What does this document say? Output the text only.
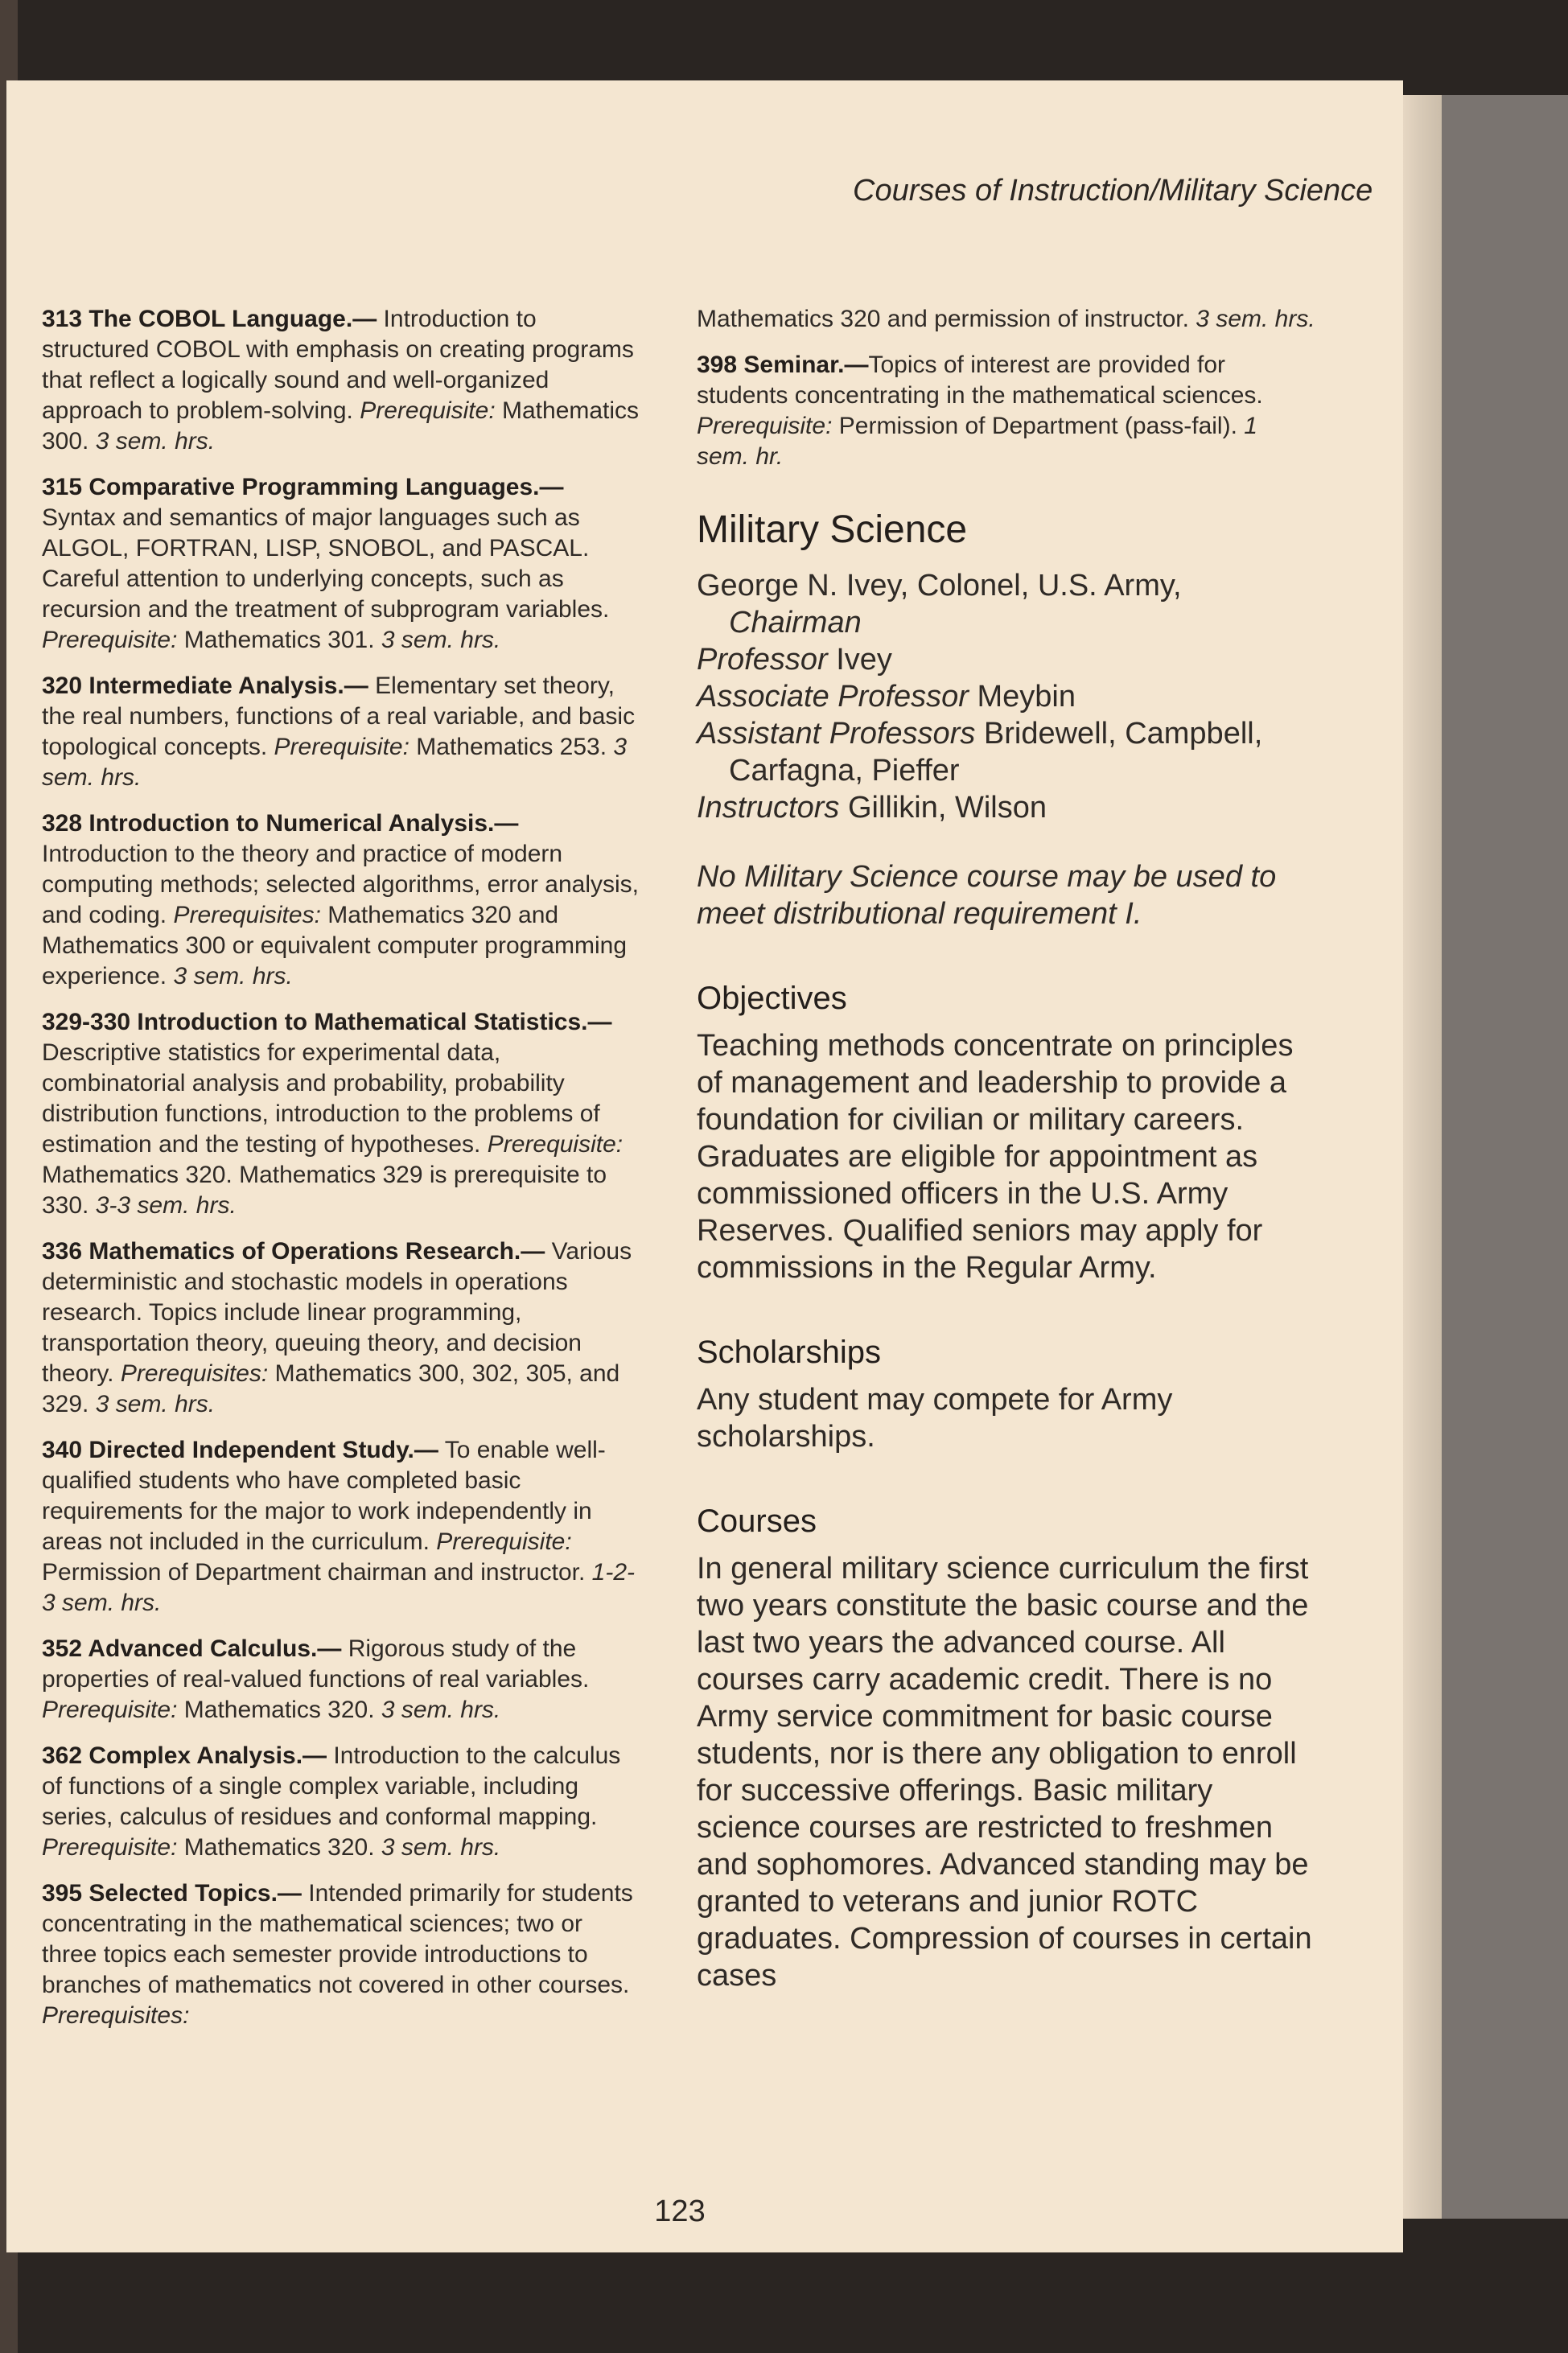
Courses of Instruction/Military Science

313 The COBOL Language.— Introduction to structured COBOL with emphasis on creating programs that reflect a logically sound and well-organized approach to problem-solving. Prerequisite: Mathematics 300. 3 sem. hrs.

315 Comparative Programming Languages.— Syntax and semantics of major languages such as ALGOL, FORTRAN, LISP, SNOBOL, and PASCAL. Careful attention to underlying concepts, such as recursion and the treatment of subprogram variables. Prerequisite: Mathematics 301. 3 sem. hrs.

320 Intermediate Analysis.— Elementary set theory, the real numbers, functions of a real variable, and basic topological concepts. Prerequisite: Mathematics 253. 3 sem. hrs.

328 Introduction to Numerical Analysis.— Introduction to the theory and practice of modern computing methods; selected algorithms, error analysis, and coding. Prerequisites: Mathematics 320 and Mathematics 300 or equivalent computer programming experience. 3 sem. hrs.

329-330 Introduction to Mathematical Statistics.— Descriptive statistics for experimental data, combinatorial analysis and probability, probability distribution functions, introduction to the problems of estimation and the testing of hypotheses. Prerequisite: Mathematics 320. Mathematics 329 is prerequisite to 330. 3-3 sem. hrs.

336 Mathematics of Operations Research.— Various deterministic and stochastic models in operations research. Topics include linear programming, transportation theory, queuing theory, and decision theory. Prerequisites: Mathematics 300, 302, 305, and 329. 3 sem. hrs.

340 Directed Independent Study.— To enable well-qualified students who have completed basic requirements for the major to work independently in areas not included in the curriculum. Prerequisite: Permission of Department chairman and instructor. 1-2-3 sem. hrs.

352 Advanced Calculus.— Rigorous study of the properties of real-valued functions of real variables. Prerequisite: Mathematics 320. 3 sem. hrs.

362 Complex Analysis.— Introduction to the calculus of functions of a single complex variable, including series, calculus of residues and conformal mapping. Prerequisite: Mathematics 320. 3 sem. hrs.

395 Selected Topics.— Intended primarily for students concentrating in the mathematical sciences; two or three topics each semester provide introductions to branches of mathematics not covered in other courses. Prerequisites:

Mathematics 320 and permission of instructor. 3 sem. hrs.

398 Seminar.—Topics of interest are provided for students concentrating in the mathematical sciences. Prerequisite: Permission of Department (pass-fail). 1 sem. hr.

Military Science
George N. Ivey, Colonel, U.S. Army,
Chairman
Professor Ivey
Associate Professor Meybin
Assistant Professors Bridewell, Campbell,
Carfagna, Pieffer
Instructors Gillikin, Wilson

No Military Science course may be used to meet distributional requirement I.

Objectives

Teaching methods concentrate on principles of management and leadership to provide a foundation for civilian or military careers. Graduates are eligible for appointment as commissioned officers in the U.S. Army Reserves. Qualified seniors may apply for commissions in the Regular Army.

Scholarships

Any student may compete for Army scholarships.

Courses

In general military science curriculum the first two years constitute the basic course and the last two years the advanced course. All courses carry academic credit. There is no Army service commitment for basic course students, nor is there any obligation to enroll for successive offerings. Basic military science courses are restricted to freshmen and sophomores. Advanced standing may be granted to veterans and junior ROTC graduates. Compression of courses in certain cases

123
